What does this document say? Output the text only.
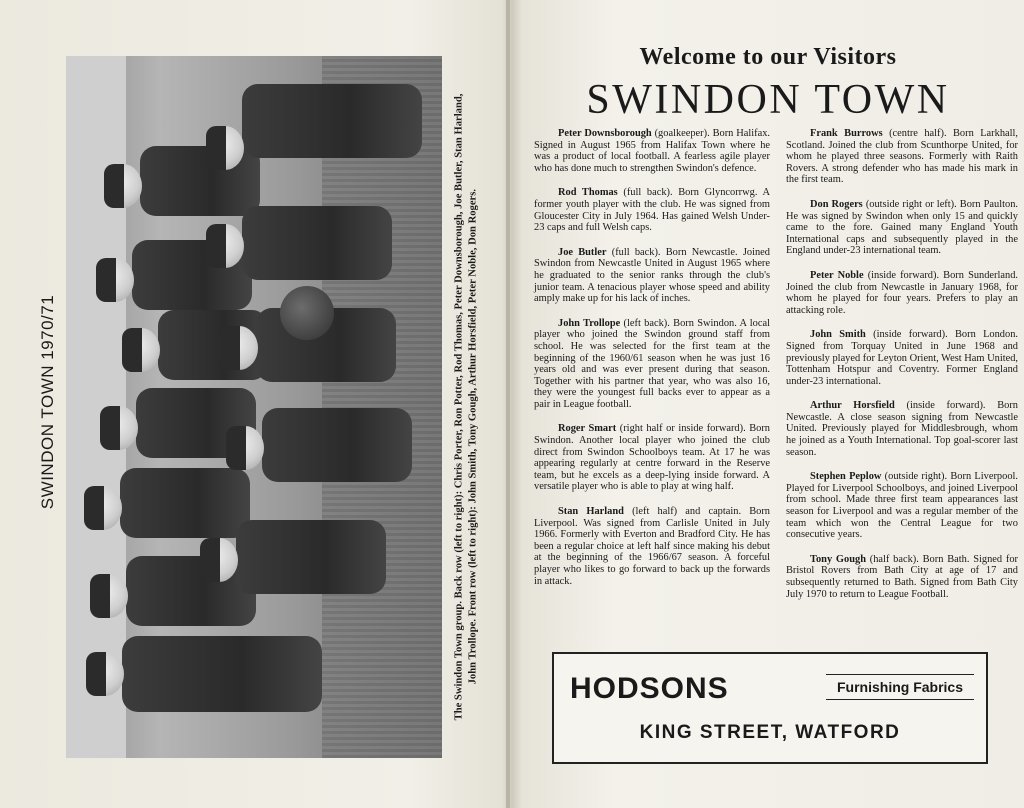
SWINDON TOWN 1970/71	The Swindon Town group. Back row (left to right): Chris Porter, Ron Potter, Rod Thomas, Peter Downsborough, Joe Butler, Stan Harland, John Trollope. Front row (left to right): John Smith, Tony Gough, Arthur Horsfield, Peter Noble, Don Rogers.
Welcome to our Visitors
SWINDON TOWN

Peter Downsborough (goalkeeper). Born Halifax. Signed in August 1965 from Halifax Town where he was a product of local football. A fearless agile player who has done much to strengthen Swindon's defence.

Rod Thomas (full back). Born Glyncorrwg. A former youth player with the club. He was signed from Gloucester City in July 1964. Has gained Welsh Under-23 caps and full Welsh caps.

Joe Butler (full back). Born Newcastle. Joined Swindon from Newcastle United in August 1965 where he graduated to the senior ranks through the club's junior team. A tenacious player whose speed and ability amply make up for his lack of inches.

John Trollope (left back). Born Swindon. A local player who joined the Swindon ground staff from school. He was selected for the first team at the beginning of the 1960/61 season when he was just 16 years old and was ever present during that season. Together with his partner that year, who was also 16, they were the youngest full backs ever to appear as a pair in League football.

Roger Smart (right half or inside forward). Born Swindon. Another local player who joined the club direct from Swindon Schoolboys team. At 17 he was appearing regularly at centre forward in the Reserve team, but he excels as a deep-lying inside forward. A versatile player who is able to play at wing half.

Stan Harland (left half) and captain. Born Liverpool. Was signed from Carlisle United in July 1966. Formerly with Everton and Bradford City. He has been a regular choice at left half since making his debut at the beginning of the 1966/67 season. A forceful player who likes to go forward to back up the forwards in attack.

Frank Burrows (centre half). Born Larkhall, Scotland. Joined the club from Scunthorpe United, for whom he played three seasons. Formerly with Raith Rovers. A strong defender who has made his mark in the first team.

Don Rogers (outside right or left). Born Paulton. He was signed by Swindon when only 15 and quickly came to the fore. Gained many England Youth International caps and subsequently played in the England under-23 international team.

Peter Noble (inside forward). Born Sunderland. Joined the club from Newcastle in January 1968, for whom he played for four years. Prefers to play an attacking role.

John Smith (inside forward). Born London. Signed from Torquay United in June 1968 and previously played for Leyton Orient, West Ham United, Tottenham Hotspur and Coventry. Former England under-23 international.

Arthur Horsfield (inside forward). Born Newcastle. A close season signing from Newcastle United. Previously played for Middlesbrough, whom he joined as a Youth International. Top goal-scorer last season.

Stephen Peplow (outside right). Born Liverpool. Played for Liverpool Schoolboys, and joined Liverpool from school. Made three first team appearances last season for Liverpool and was a regular member of the team which won the Central League for two consecutive years.

Tony Gough (half back). Born Bath. Signed for Bristol Rovers from Bath City at age of 17 and subsequently returned to Bath. Signed from Bath City July 1970 to return to League Football.

HODSONS	Furnishing Fabrics
KING STREET, WATFORD
